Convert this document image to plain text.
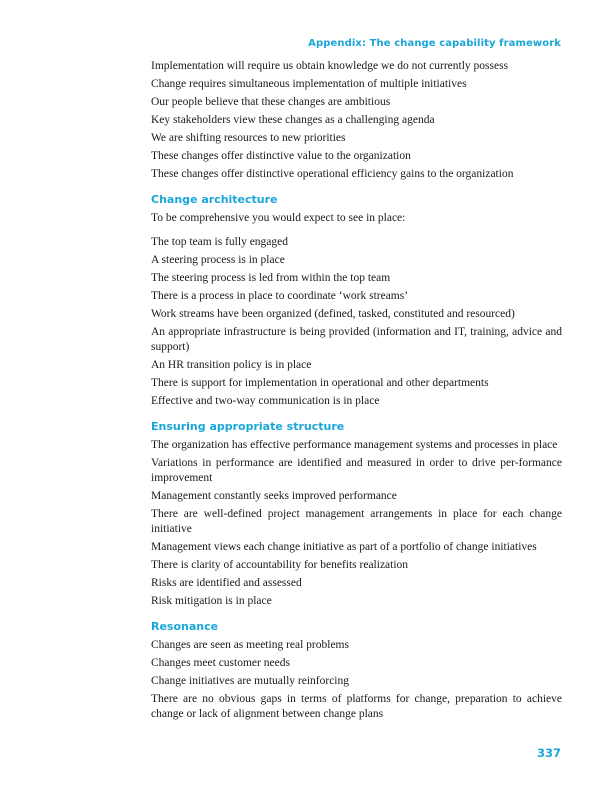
Appendix: The change capability framework

Implementation will require us obtain knowledge we do not currently possess

Change requires simultaneous implementation of multiple initiatives

Our people believe that these changes are ambitious

Key stakeholders view these changes as a challenging agenda

We are shifting resources to new priorities

These changes offer distinctive value to the organization

These changes offer distinctive operational efficiency gains to the organization

Change architecture

To be comprehensive you would expect to see in place:

The top team is fully engaged

A steering process is in place

The steering process is led from within the top team

There is a process in place to coordinate ‘work streams’

Work streams have been organized (defined, tasked, constituted and resourced)

An appropriate infrastructure is being provided (information and IT, training, advice and support)

An HR transition policy is in place

There is support for implementation in operational and other departments

Effective and two-way communication is in place

Ensuring appropriate structure

The organization has effective performance management systems and processes in place

Variations in performance are identified and measured in order to drive per-formance improvement

Management constantly seeks improved performance

There are well-defined project management arrangements in place for each change initiative

Management views each change initiative as part of a portfolio of change initiatives

There is clarity of accountability for benefits realization

Risks are identified and assessed

Risk mitigation is in place

Resonance

Changes are seen as meeting real problems

Changes meet customer needs

Change initiatives are mutually reinforcing

There are no obvious gaps in terms of platforms for change, preparation to achieve change or lack of alignment between change plans

337
